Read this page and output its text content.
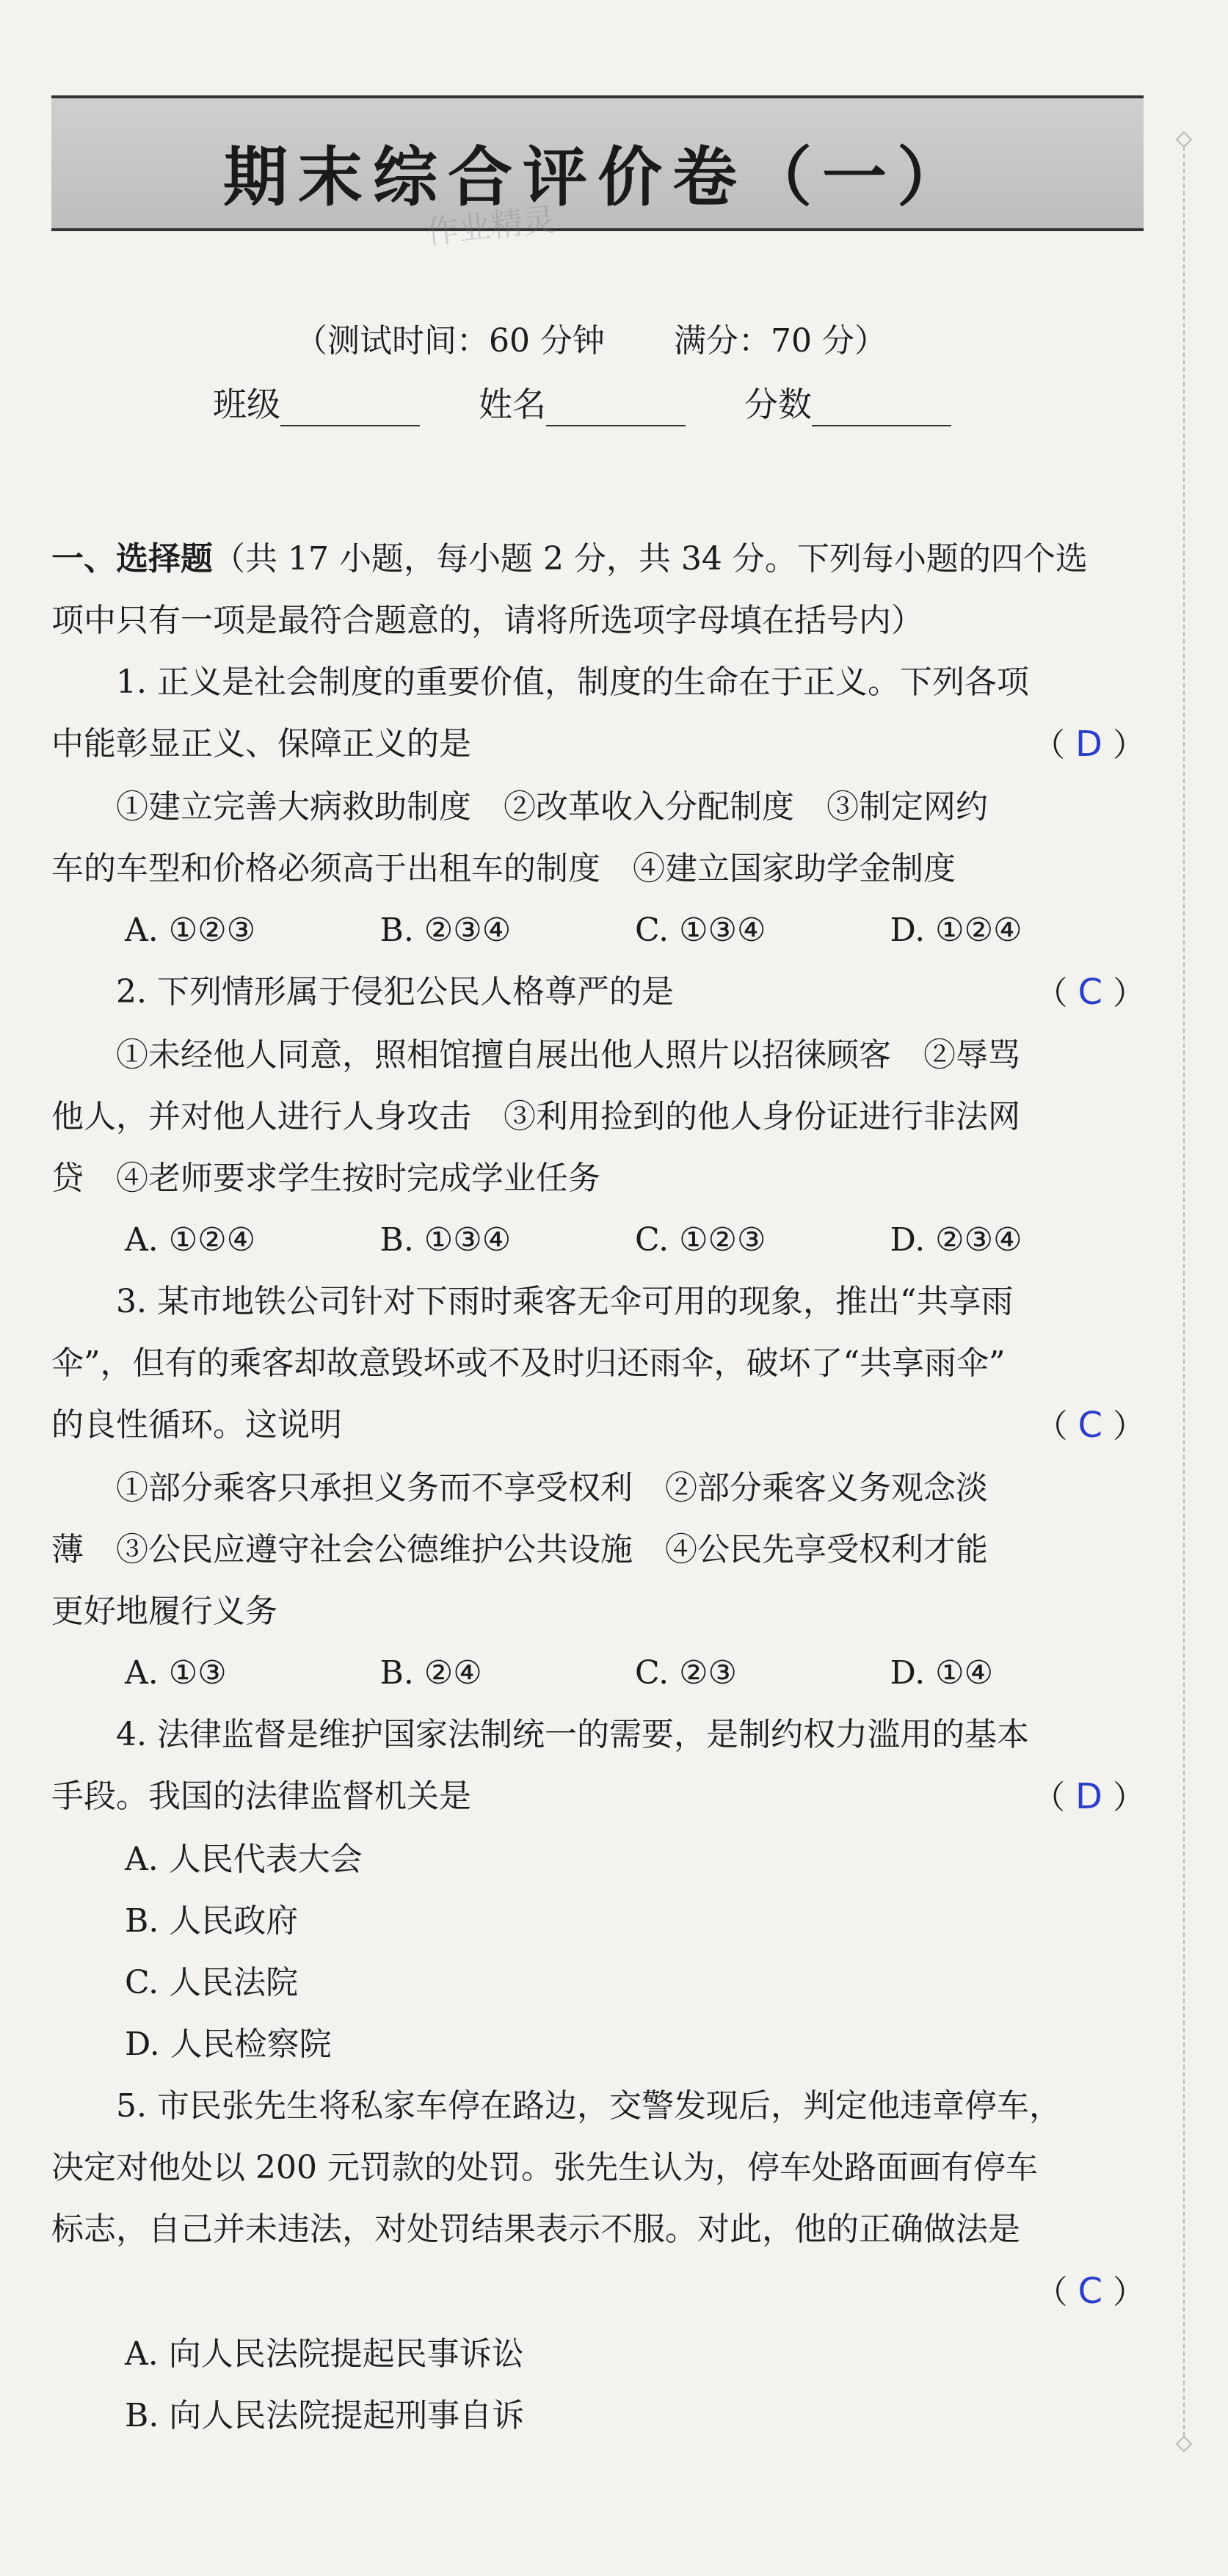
期末综合评价卷（一）
作业精灵
（测试时间：60 分钟 满分：70 分）
班级	姓名	分数

一、选择题（共 17 小题，每小题 2 分，共 34 分。下列每小题的四个选

项中只有一项是最符合题意的，请将所选项字母填在括号内）

1. 正义是社会制度的重要价值，制度的生命在于正义。下列各项

中能彰显正义、保障正义的是	（ D ）

①建立完善大病救助制度　②改革收入分配制度　③制定网约

车的车型和价格必须高于出租车的制度　④建立国家助学金制度

A. ①②③	B. ②③④	C. ①③④	D. ①②④
2. 下列情形属于侵犯公民人格尊严的是	（ C ）

①未经他人同意，照相馆擅自展出他人照片以招徕顾客　②辱骂

他人，并对他人进行人身攻击　③利用捡到的他人身份证进行非法网

贷　④老师要求学生按时完成学业任务

A. ①②④	B. ①③④	C. ①②③	D. ②③④

3. 某市地铁公司针对下雨时乘客无伞可用的现象，推出“共享雨

伞”，但有的乘客却故意毁坏或不及时归还雨伞，破坏了“共享雨伞”

的良性循环。这说明	（ C ）

①部分乘客只承担义务而不享受权利　②部分乘客义务观念淡

薄　③公民应遵守社会公德维护公共设施　④公民先享受权利才能

更好地履行义务

A. ①③	B. ②④	C. ②③	D. ①④

4. 法律监督是维护国家法制统一的需要，是制约权力滥用的基本

手段。我国的法律监督机关是	（ D ）

A. 人民代表大会

B. 人民政府

C. 人民法院

D. 人民检察院

5. 市民张先生将私家车停在路边，交警发现后，判定他违章停车，

决定对他处以 200 元罚款的处罚。张先生认为，停车处路面画有停车

标志，自己并未违法，对处罚结果表示不服。对此，他的正确做法是

（ C ）

A. 向人民法院提起民事诉讼

B. 向人民法院提起刑事自诉
